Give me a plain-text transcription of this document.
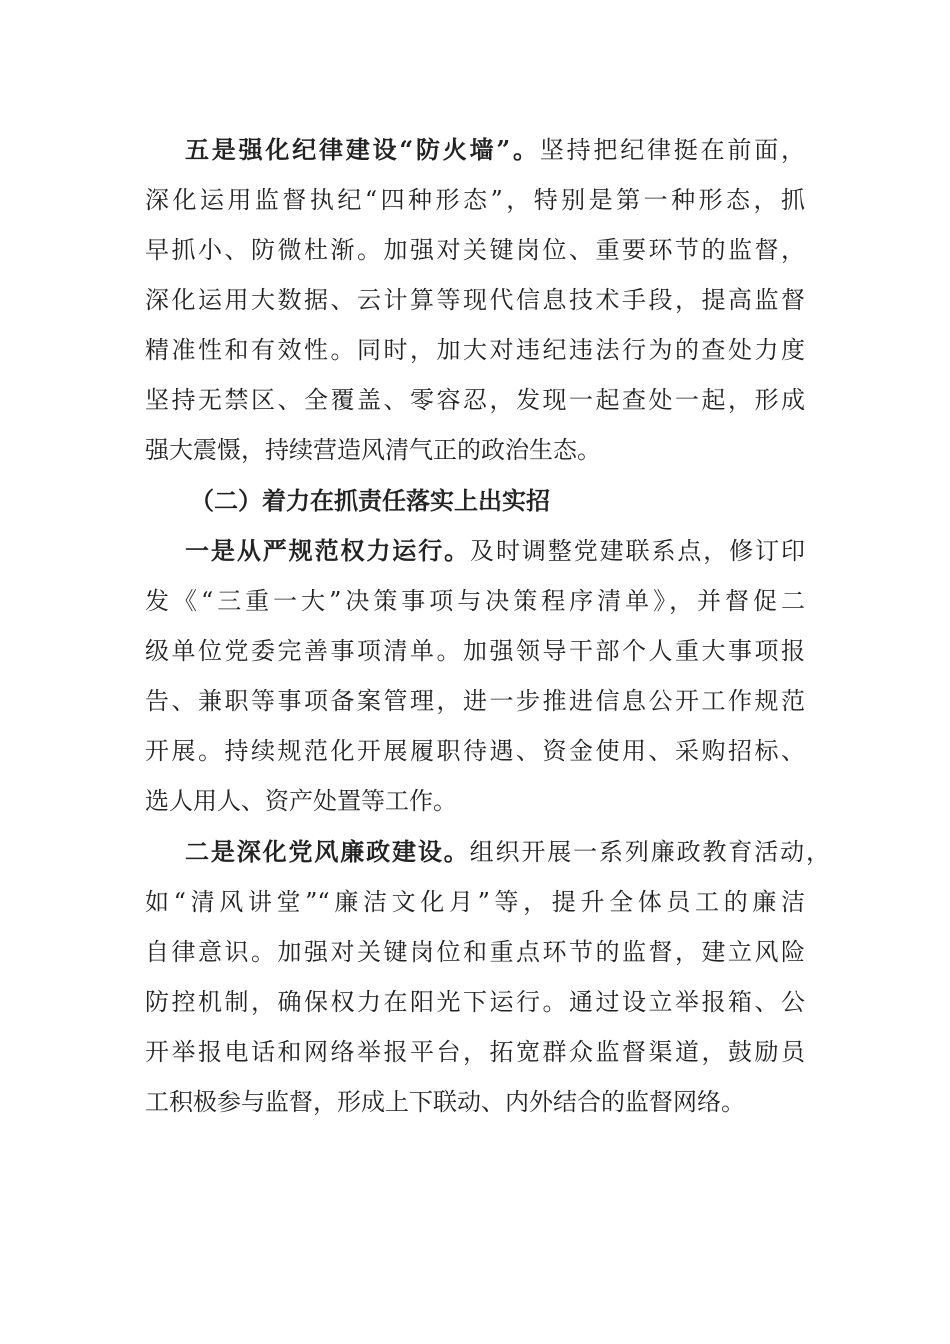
五是强化纪律建设“防火墙”。坚持把纪律挺在前面，
深化运用监督执纪“四种形态”，特别是第一种形态，抓
早抓小、防微杜渐。加强对关键岗位、重要环节的监督，
深化运用大数据、云计算等现代信息技术手段，提高监督
精准性和有效性。同时，加大对违纪违法行为的查处力度
坚持无禁区、全覆盖、零容忍，发现一起查处一起，形成
强大震慑，持续营造风清气正的政治生态。
（二）着力在抓责任落实上出实招
一是从严规范权力运行。及时调整党建联系点，修订印
发《“三重一大”决策事项与决策程序清单》，并督促二
级单位党委完善事项清单。加强领导干部个人重大事项报
告、兼职等事项备案管理，进一步推进信息公开工作规范
开展。持续规范化开展履职待遇、资金使用、采购招标、
选人用人、资产处置等工作。
二是深化党风廉政建设。组织开展一系列廉政教育活动，
如“清风讲堂”“廉洁文化月”等，提升全体员工的廉洁
自律意识。加强对关键岗位和重点环节的监督，建立风险
防控机制，确保权力在阳光下运行。通过设立举报箱、公
开举报电话和网络举报平台，拓宽群众监督渠道，鼓励员
工积极参与监督，形成上下联动、内外结合的监督网络。
